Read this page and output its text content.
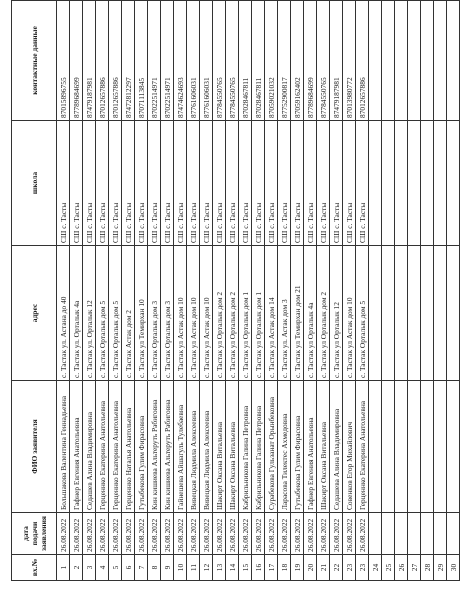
вх.№	дата подачи заявления	ФИО заявителя	адрес	школа	контактные данные
1	26.08.2022	Большакова Валентина Геннадьевна	с. Тастак ул. Астана до 40	СШ с. Тасты	87015896755
2	26.08.2022	Гафнер Евгения Анатольевна	с. Тастак ул. Орталык 4а	СШ с. Тасты	87789684699
3	26.08.2022	Седашев Алина Владимировна	с. Тастак ул. Орталык 12	СШ с. Тасты	87479187981
4	26.08.2022	Герценнко Екатерина Анатольевна	с. Тастак Орталык дом 5	СШ с. Тасты	87012657886
5	26.08.2022	Герценнко Екатерина Анатольевна	с. Тастак Орталык дом 5	СШ с. Тасты	87012657886
6	26.08.2022	Герценнко Наталья Анатольевна	с. Тастак Астак дом 2	СШ с. Тасты	87472812297
7	26.08.2022	Гутыбекова Гулим Фирасовна	с. Тастак ул Темирхан 10	СШ с. Тасты	87071113845
8	26.08.2022	Кин кишиева Альтеруть Рабиговна	с. Тастак Орталык дом 3	СШ с. Тасты	87022514971
9	26.08.2022	Кин кишиева Альтеруть Рабиговна	с. Тастак Орталык дом 3	СШ с. Тасты	87022514971
10	26.08.2022	Гайнешева Айшагуль Тулебаевна	с. Тастак ул Астак дом 10	СШ с. Тасты	87474624693
11	26.08.2022	Вивецкая Людмила Алексеевна	с. Тастак ул Астак дом 10	СШ с. Тасты	87761606031
12	26.08.2022	Вивецкая Людмила Алексеевна	с. Тастак ул Астак дом 10	СШ с. Тасты	87761606031
13	26.08.2022	Шакирт Оксана Витальевна	с. Тастак ул Орталык дом 2	СШ с. Тасты	87784550765
14	26.08.2022	Шакирт Оксана Витальевна	с. Тастак ул Орталык дом 2	СШ с. Тасты	87784550765
15	26.08.2022	Кабрильникова Галина Петровна	с. Тастак ул Орталык дом 1	СШ с. Тасты	87028467811
16	26.08.2022	Кабрильникова Галина Петровна	с. Тастак ул Орталык дом 1	СШ с. Тасты	87028467811
17	26.08.2022	Сурабекова Гульзанат Орынбековна	с. Тастак ул Астак дом 14	СШ с. Тасты	87059021032
18	26.08.2022	Ларасова Тилектес Ахмедовна	с. Тастак ул. Астак дом 3	СШ с. Тасты	87752900817
19	26.08.2022	Гутыбекова Гулим Фирасовна	с. Тастак ул Темирхан дом 21	СШ с. Тасты	87059162402
20	26.08.2022	Гафнер Евгения Анатольевна	с. Тастак ул Орталык 4а	СШ с. Тасты	87789684699
21	26.08.2022	Шакирт Оксана Витальевна	с. Тастак ул Орталык дом 2	СШ с. Тасты	87784550765
22	26.08.2022	Седашева Алина Владимировна	с. Тастак ул Орталык 12	СШ с. Тасты	87479187981
23	26.08.2022	Совенков Егор Михайлович	с. Тастак ул Астак дом 10	СШ с. Тасты	87013980772
23	26.08.2022	Герценнко Екатерина Анатольевна	с. Тастак Орталык дом 5	СШ с. Тасты	87012657886
24					
25					
26					
27					
28					
29					
30					
